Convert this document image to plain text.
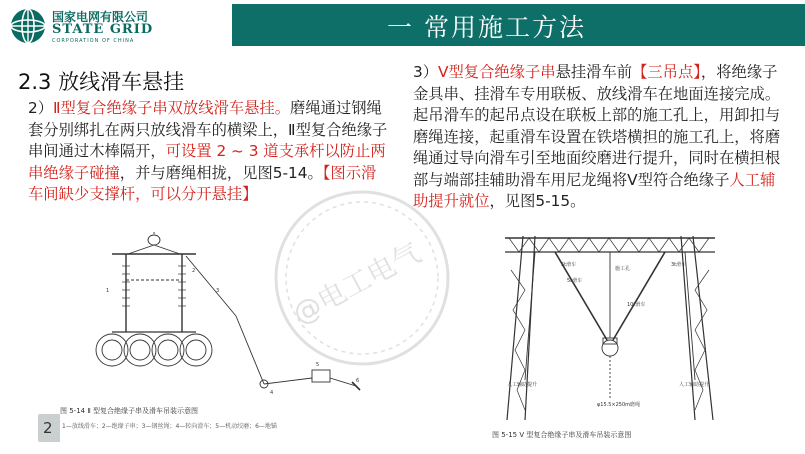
国家电网有限公司
STATE GRID
CORPORATION OF CHINA	一 常用施工方法
2.3 放线滑车悬挂

2）Ⅱ型复合绝缘子串双放线滑车悬挂。磨绳通过钢绳套分别绑扎在两只放线滑车的横梁上，Ⅱ型复合绝缘子串间通过木棒隔开，可设置 2 ~ 3 道支承杆以防止两串绝缘子碰撞，并与磨绳相拢，见图5-14。【图示滑车间缺少支撑杆，可以分开悬挂】

3）Ⅴ型复合绝缘子串悬挂滑车前【三吊点】，将绝缘子金具串、挂滑车专用联板、放线滑车在地面连接完成。起吊滑车的起吊点设在联板上部的施工孔上，用卸扣与磨绳连接，起重滑车设置在铁塔横担的施工孔上，将磨绳通过导向滑车引至地面绞磨进行提升，同时在横担根部与端部挂辅助滑车用尼龙绳将Ⅴ型符合绝缘子人工辅助提升就位，见图5-15。

1
2
3
4
5
6
图 5-14 Ⅱ 型复合绝缘子串及滑车吊装示意图
1—放线滑车；2—绝缘子串；3—钢丝绳；4—转向滑车；5—机动绞磨；6—地锚
5t滑车
5t滑车
3t滑车
施工孔
10t滑车
人工辅助提升	人工辅助提升
φ15.5×250m磨绳
图 5-15 Ⅴ 型复合绝缘子串及滑车吊装示意图
@电工电气
2
